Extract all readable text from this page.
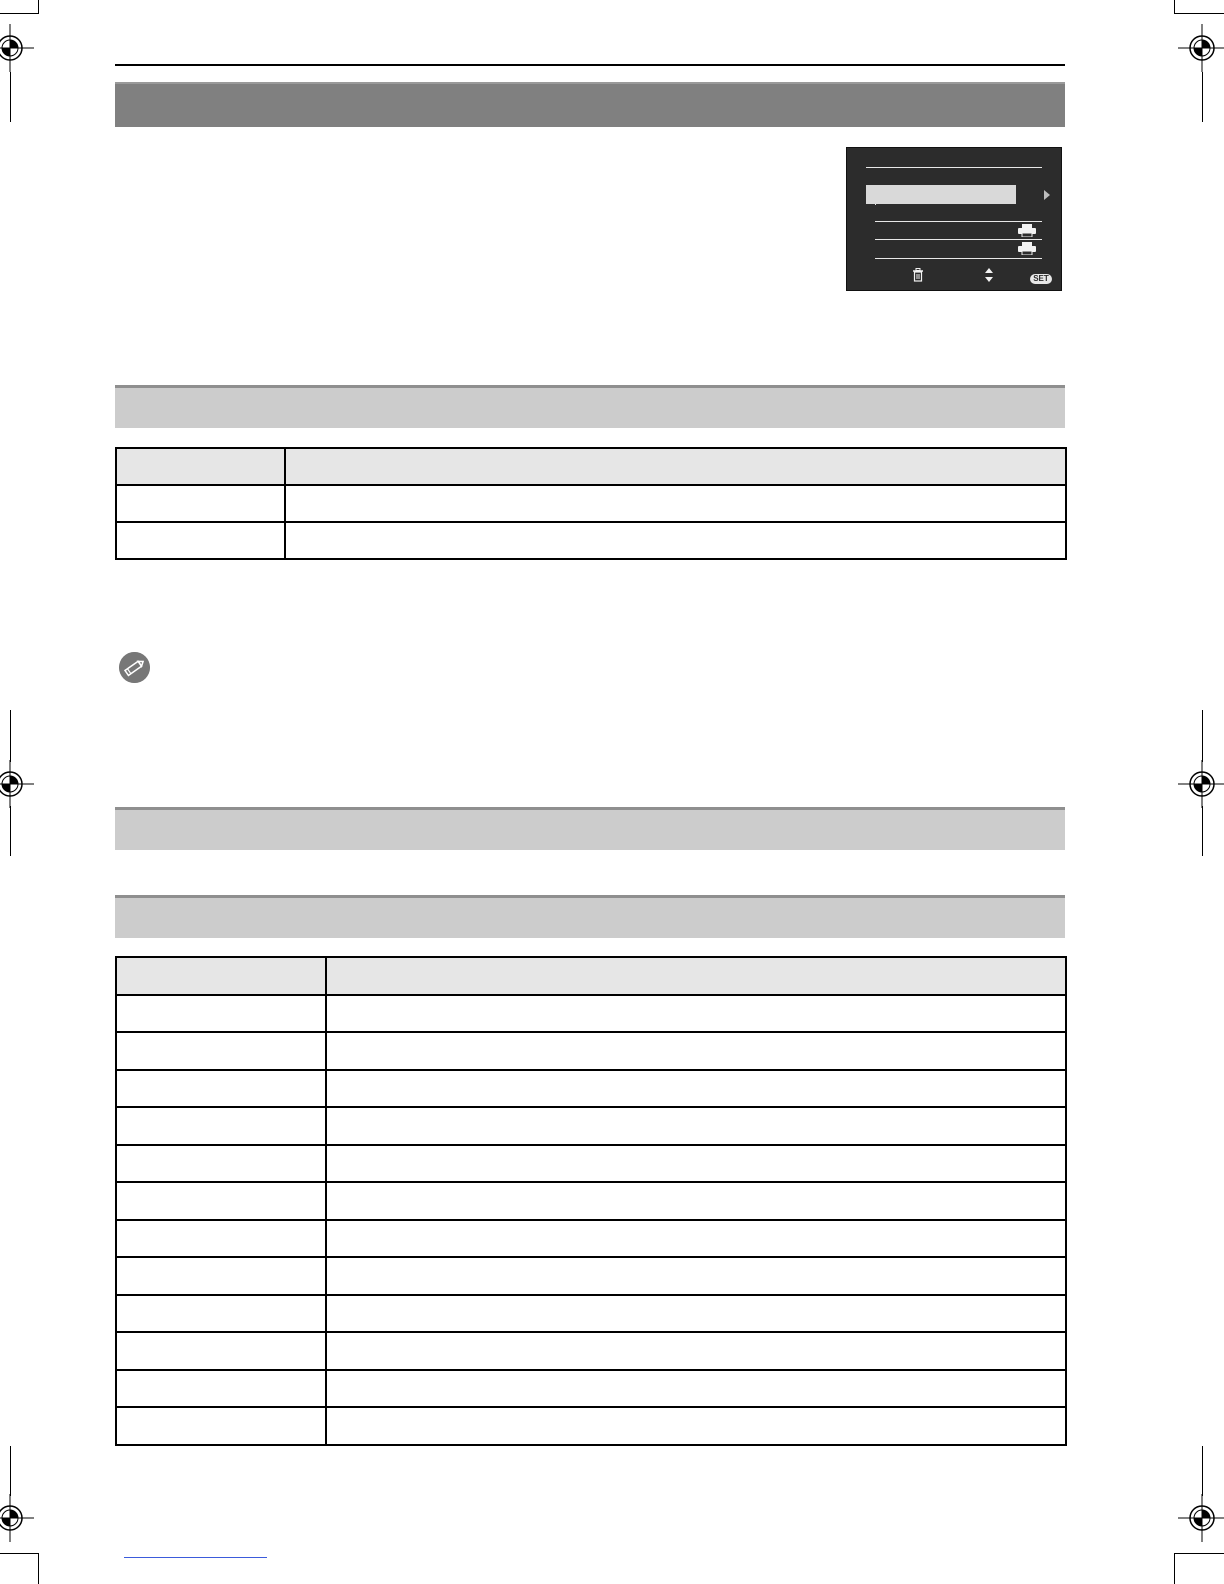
SET
